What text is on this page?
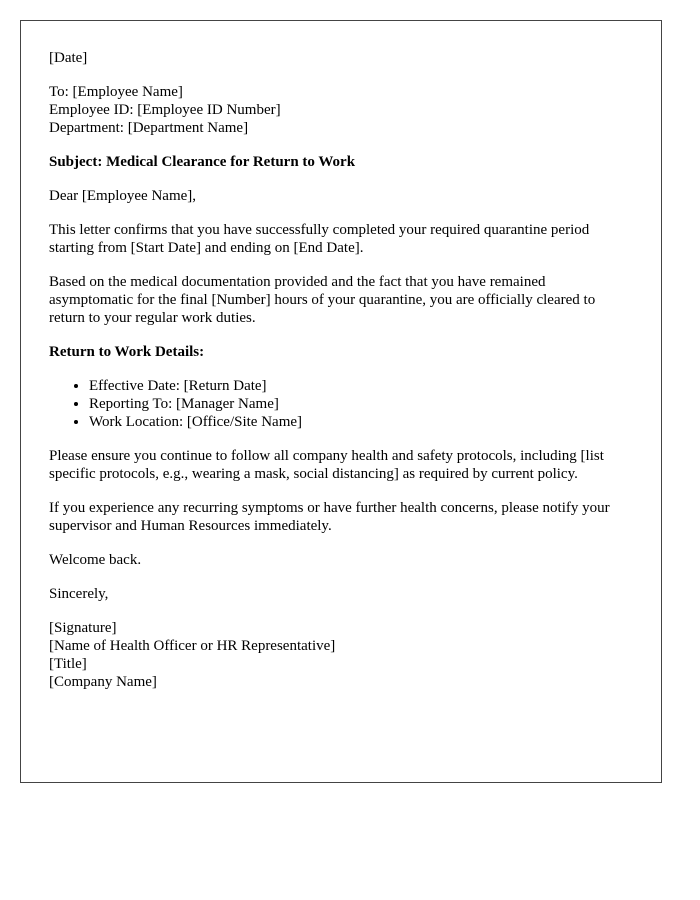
[Date]

To: [Employee Name]
Employee ID: [Employee ID Number]
Department: [Department Name]

Subject: Medical Clearance for Return to Work

Dear [Employee Name],

This letter confirms that you have successfully completed your required quarantine period starting from [Start Date] and ending on [End Date].

Based on the medical documentation provided and the fact that you have remained asymptomatic for the final [Number] hours of your quarantine, you are officially cleared to return to your regular work duties.

Return to Work Details:

• Effective Date: [Return Date]
• Reporting To: [Manager Name]
• Work Location: [Office/Site Name]

Please ensure you continue to follow all company health and safety protocols, including [list specific protocols, e.g., wearing a mask, social distancing] as required by current policy.

If you experience any recurring symptoms or have further health concerns, please notify your supervisor and Human Resources immediately.

Welcome back.

Sincerely,

[Signature]
[Name of Health Officer or HR Representative]
[Title]
[Company Name]
